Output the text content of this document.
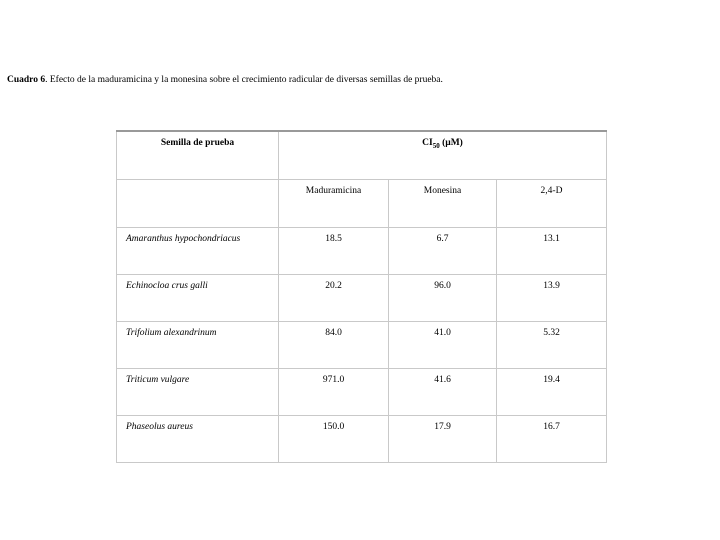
Cuadro 6. Efecto de la maduramicina y la monesina sobre el crecimiento radicular de diversas semillas de prueba.
Semilla de prueba	$CI_{50}$ (µM)		

	Maduramicina	Monesina	2,4-D

Amaranthus hypochondriacus	18.5	6.7	13.1

Echinocloa crus galli	20.2	96.0	13.9

Trifolium alexandrinum	84.0	41.0	5.32

Triticum vulgare	971.0	41.6	19.4

Phaseolus aureus	150.0	17.9	16.7
